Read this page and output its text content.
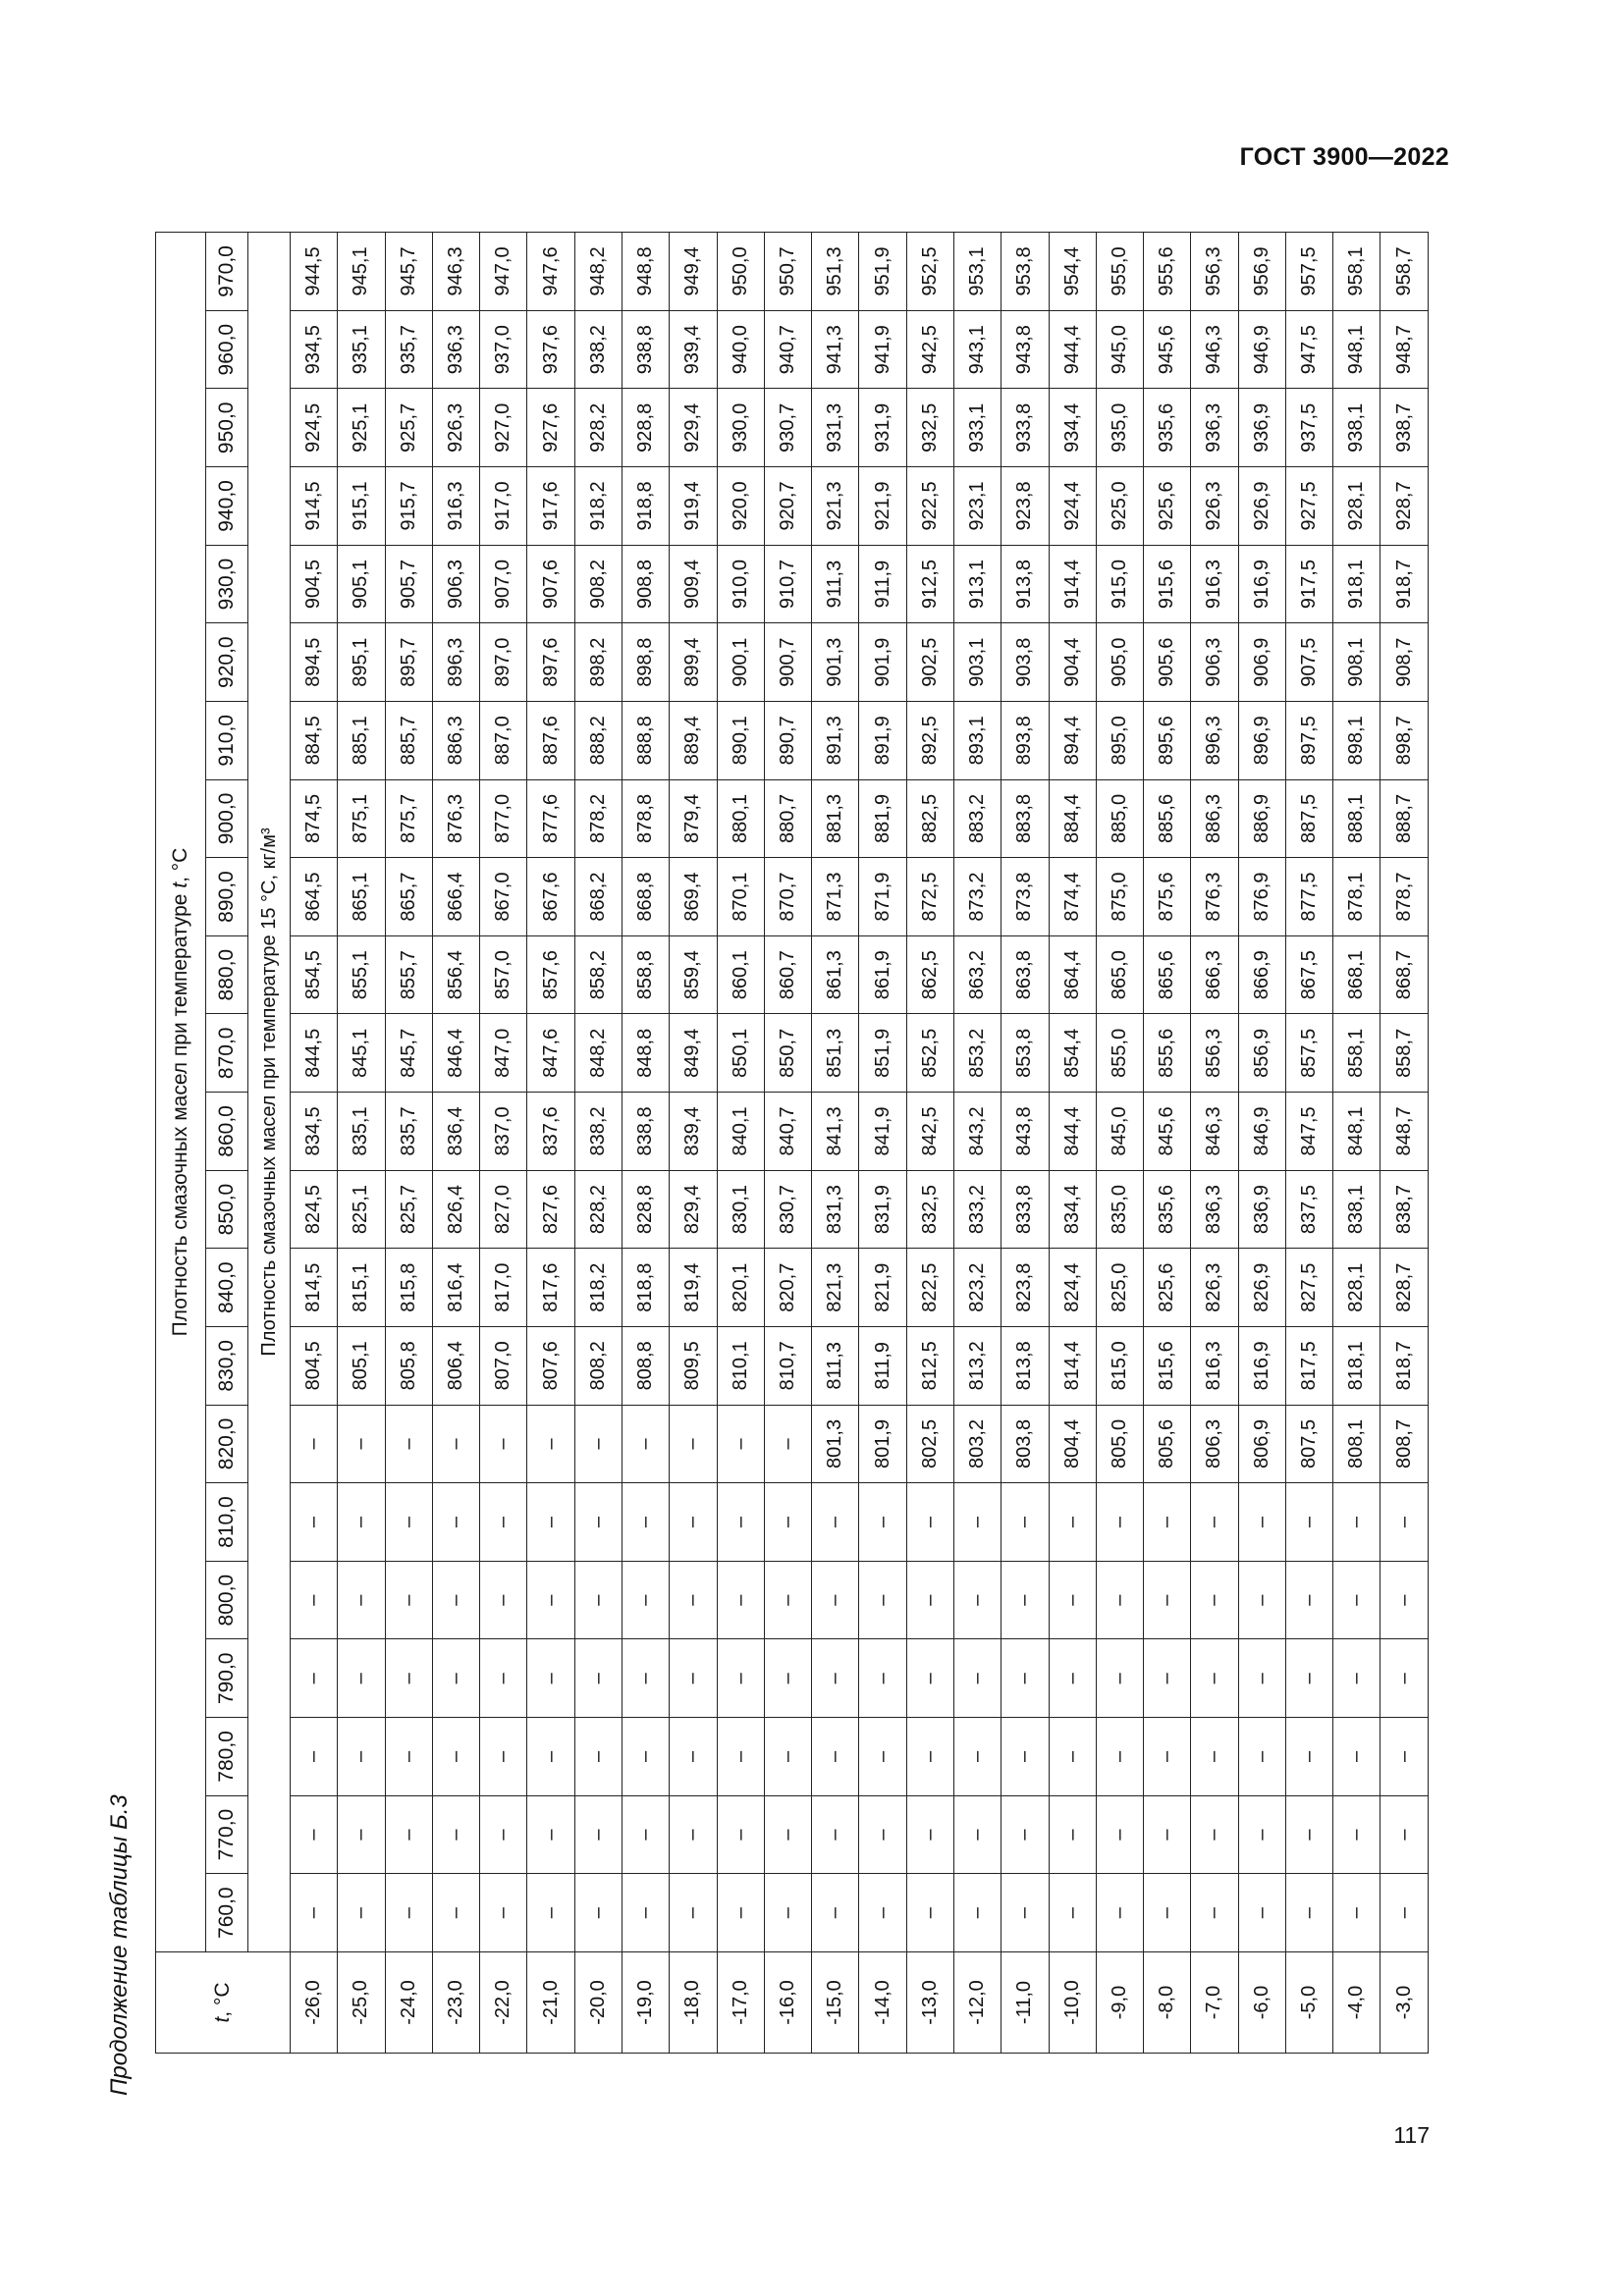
ГОСТ 3900—2022
Продолжение таблицы Б.3
117
t, °C	Плотность смазочных масел при температуре t, °C																					
	760,0	770,0	780,0	790,0	800,0	810,0	820,0	830,0	840,0	850,0	860,0	870,0	880,0	890,0	900,0	910,0	920,0	930,0	940,0	950,0	960,0	970,0
	Плотность смазочных масел при температуре 15 °С, кг/м³																					
-26,0	–	–	–	–	–	–	–	804,5	814,5	824,5	834,5	844,5	854,5	864,5	874,5	884,5	894,5	904,5	914,5	924,5	934,5	944,5
-25,0	–	–	–	–	–	–	–	805,1	815,1	825,1	835,1	845,1	855,1	865,1	875,1	885,1	895,1	905,1	915,1	925,1	935,1	945,1
-24,0	–	–	–	–	–	–	–	805,8	815,8	825,7	835,7	845,7	855,7	865,7	875,7	885,7	895,7	905,7	915,7	925,7	935,7	945,7
-23,0	–	–	–	–	–	–	–	806,4	816,4	826,4	836,4	846,4	856,4	866,4	876,3	886,3	896,3	906,3	916,3	926,3	936,3	946,3
-22,0	–	–	–	–	–	–	–	807,0	817,0	827,0	837,0	847,0	857,0	867,0	877,0	887,0	897,0	907,0	917,0	927,0	937,0	947,0
-21,0	–	–	–	–	–	–	–	807,6	817,6	827,6	837,6	847,6	857,6	867,6	877,6	887,6	897,6	907,6	917,6	927,6	937,6	947,6
-20,0	–	–	–	–	–	–	–	808,2	818,2	828,2	838,2	848,2	858,2	868,2	878,2	888,2	898,2	908,2	918,2	928,2	938,2	948,2
-19,0	–	–	–	–	–	–	–	808,8	818,8	828,8	838,8	848,8	858,8	868,8	878,8	888,8	898,8	908,8	918,8	928,8	938,8	948,8
-18,0	–	–	–	–	–	–	–	809,5	819,4	829,4	839,4	849,4	859,4	869,4	879,4	889,4	899,4	909,4	919,4	929,4	939,4	949,4
-17,0	–	–	–	–	–	–	–	810,1	820,1	830,1	840,1	850,1	860,1	870,1	880,1	890,1	900,1	910,0	920,0	930,0	940,0	950,0
-16,0	–	–	–	–	–	–	–	810,7	820,7	830,7	840,7	850,7	860,7	870,7	880,7	890,7	900,7	910,7	920,7	930,7	940,7	950,7
-15,0	–	–	–	–	–	–	801,3	811,3	821,3	831,3	841,3	851,3	861,3	871,3	881,3	891,3	901,3	911,3	921,3	931,3	941,3	951,3
-14,0	–	–	–	–	–	–	801,9	811,9	821,9	831,9	841,9	851,9	861,9	871,9	881,9	891,9	901,9	911,9	921,9	931,9	941,9	951,9
-13,0	–	–	–	–	–	–	802,5	812,5	822,5	832,5	842,5	852,5	862,5	872,5	882,5	892,5	902,5	912,5	922,5	932,5	942,5	952,5
-12,0	–	–	–	–	–	–	803,2	813,2	823,2	833,2	843,2	853,2	863,2	873,2	883,2	893,1	903,1	913,1	923,1	933,1	943,1	953,1
-11,0	–	–	–	–	–	–	803,8	813,8	823,8	833,8	843,8	853,8	863,8	873,8	883,8	893,8	903,8	913,8	923,8	933,8	943,8	953,8
-10,0	–	–	–	–	–	–	804,4	814,4	824,4	834,4	844,4	854,4	864,4	874,4	884,4	894,4	904,4	914,4	924,4	934,4	944,4	954,4
-9,0	–	–	–	–	–	–	805,0	815,0	825,0	835,0	845,0	855,0	865,0	875,0	885,0	895,0	905,0	915,0	925,0	935,0	945,0	955,0
-8,0	–	–	–	–	–	–	805,6	815,6	825,6	835,6	845,6	855,6	865,6	875,6	885,6	895,6	905,6	915,6	925,6	935,6	945,6	955,6
-7,0	–	–	–	–	–	–	806,3	816,3	826,3	836,3	846,3	856,3	866,3	876,3	886,3	896,3	906,3	916,3	926,3	936,3	946,3	956,3
-6,0	–	–	–	–	–	–	806,9	816,9	826,9	836,9	846,9	856,9	866,9	876,9	886,9	896,9	906,9	916,9	926,9	936,9	946,9	956,9
-5,0	–	–	–	–	–	–	807,5	817,5	827,5	837,5	847,5	857,5	867,5	877,5	887,5	897,5	907,5	917,5	927,5	937,5	947,5	957,5
-4,0	–	–	–	–	–	–	808,1	818,1	828,1	838,1	848,1	858,1	868,1	878,1	888,1	898,1	908,1	918,1	928,1	938,1	948,1	958,1
-3,0	–	–	–	–	–	–	808,7	818,7	828,7	838,7	848,7	858,7	868,7	878,7	888,7	898,7	908,7	918,7	928,7	938,7	948,7	958,7
